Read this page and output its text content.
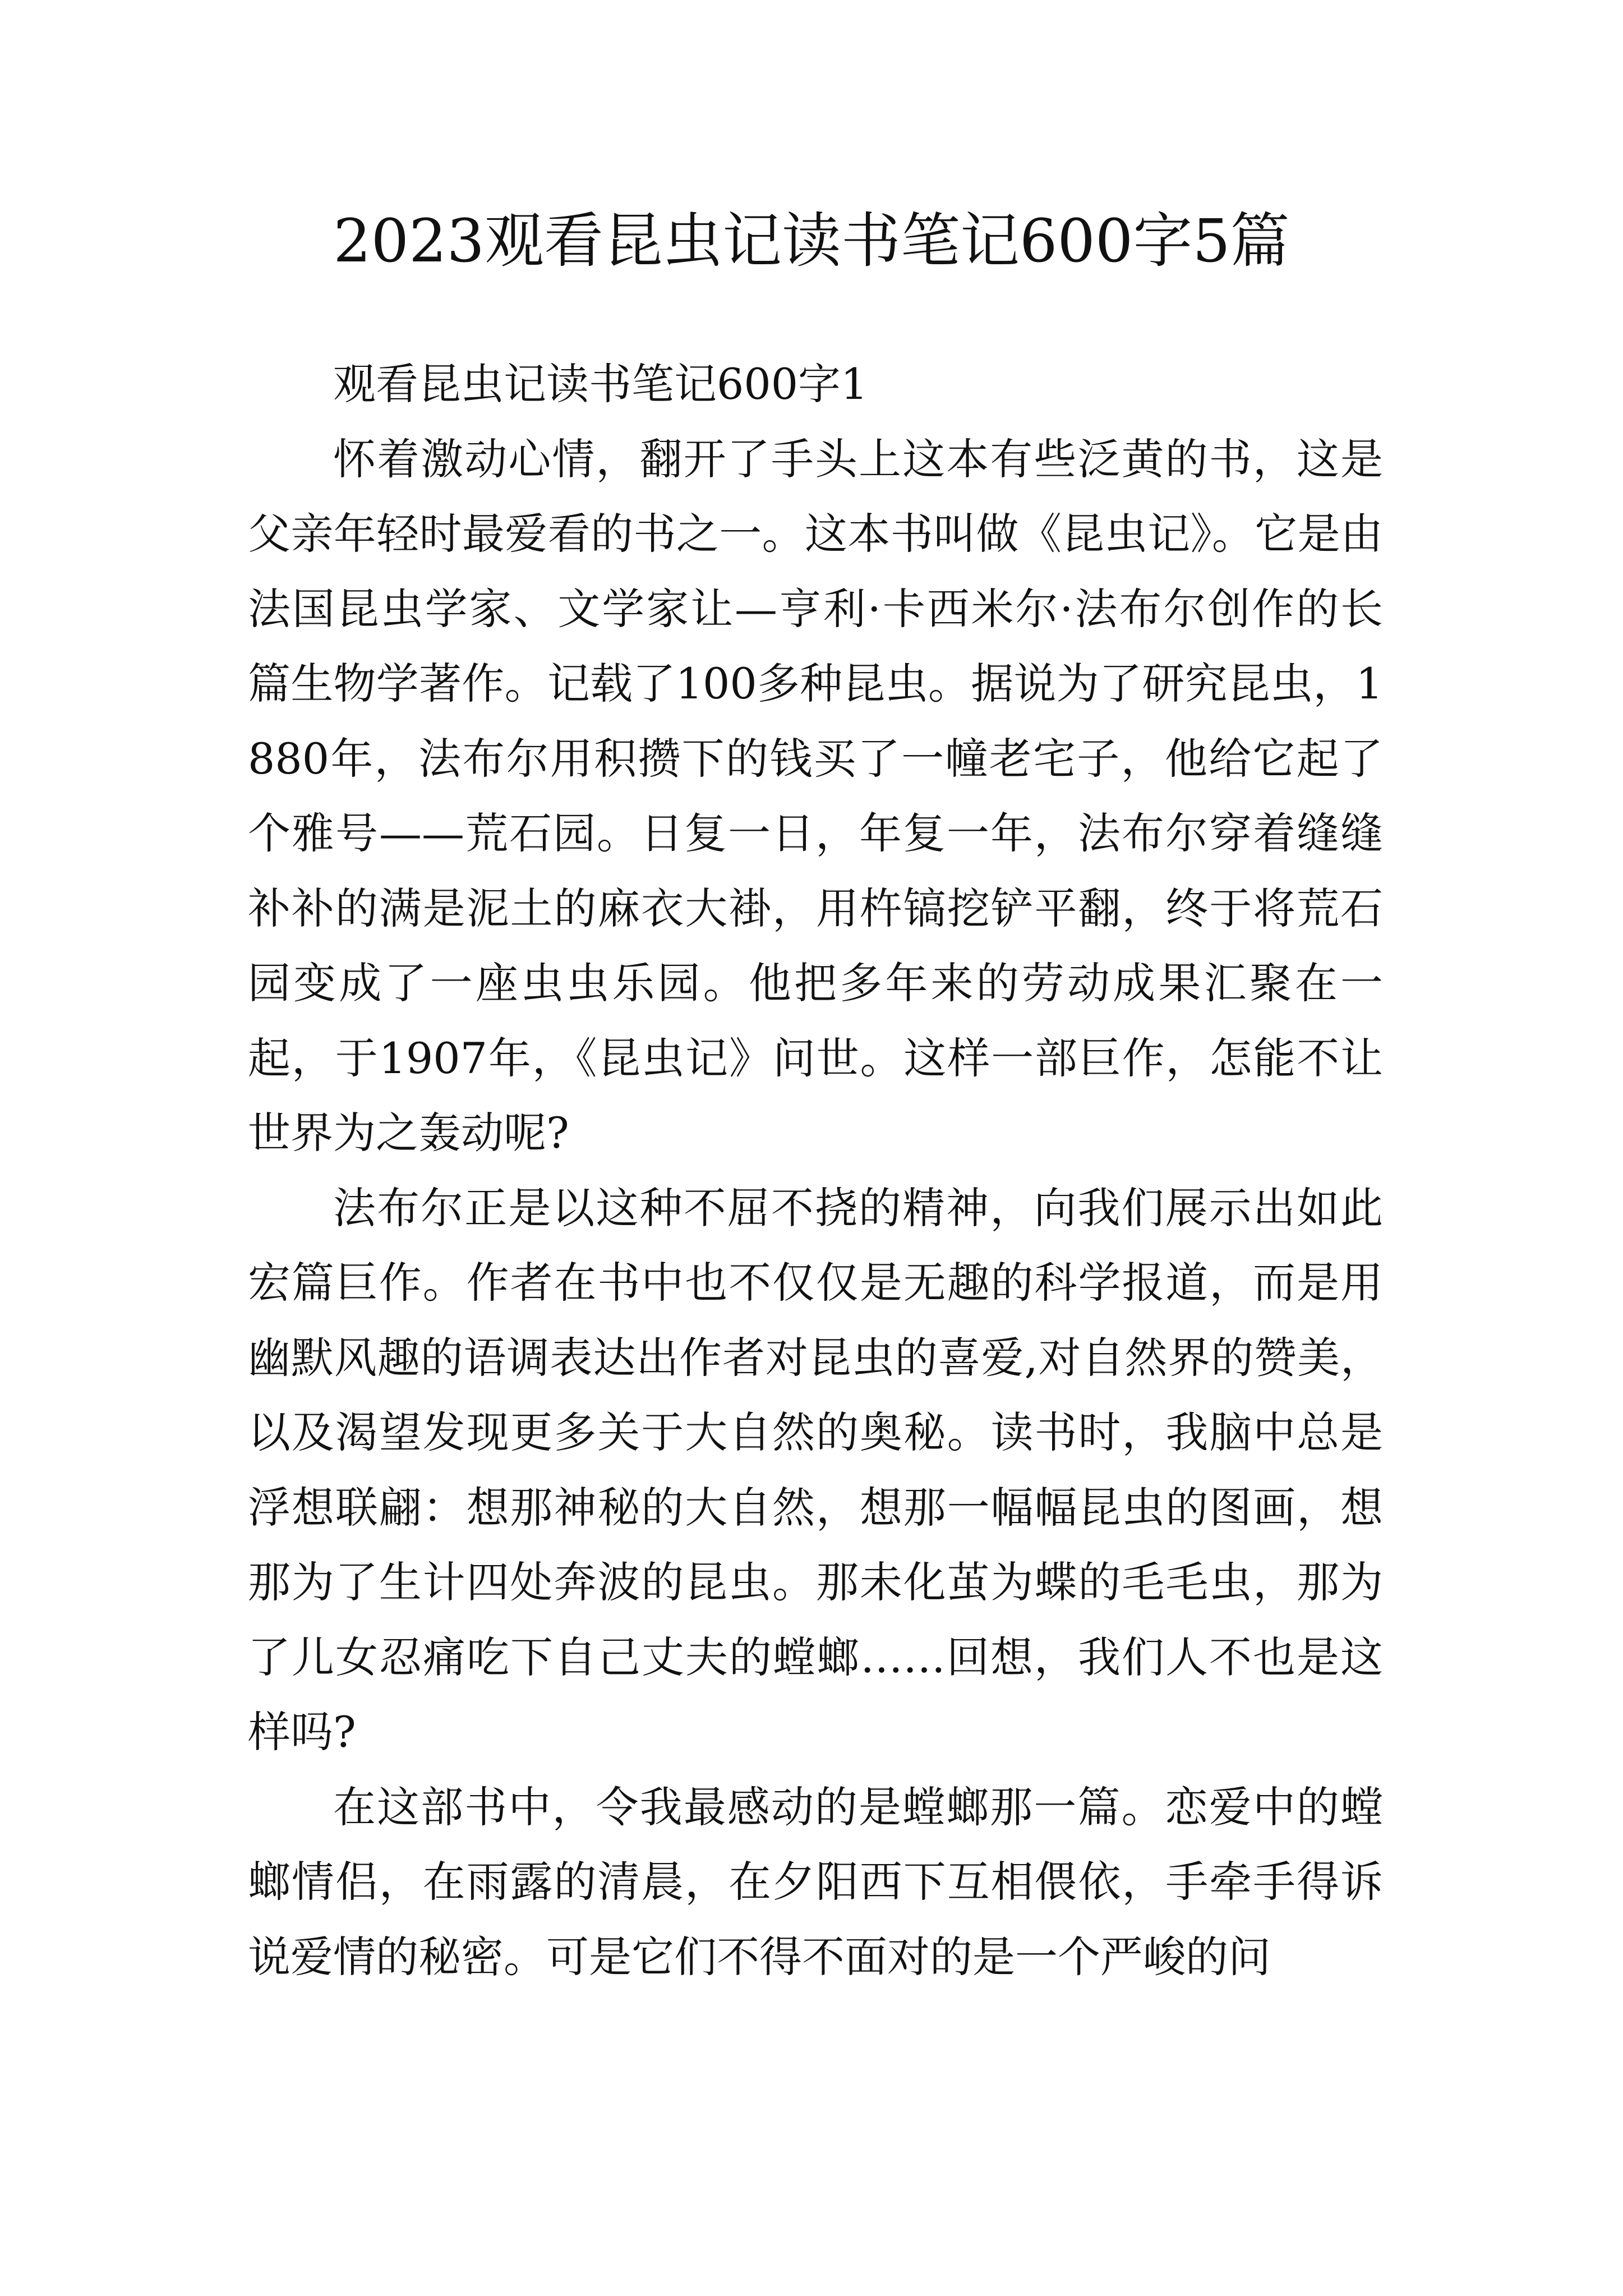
2023观看昆虫记读书笔记600字5篇

观看昆虫记读书笔记600字1

怀着激动心情，翻开了手头上这本有些泛黄的书，这是父亲年轻时最爱看的书之一。这本书叫做《昆虫记》。它是由法国昆虫学家、文学家让—亨利·卡西米尔·法布尔创作的长篇生物学著作。记载了100多种昆虫。据说为了研究昆虫，1880年，法布尔用积攒下的钱买了一幢老宅子，他给它起了个雅号——荒石园。日复一日，年复一年，法布尔穿着缝缝补补的满是泥土的麻衣大褂，用杵镐挖铲平翻，终于将荒石园变成了一座虫虫乐园。他把多年来的劳动成果汇聚在一起，于1907年，《昆虫记》问世。这样一部巨作，怎能不让世界为之轰动呢?

法布尔正是以这种不屈不挠的精神，向我们展示出如此宏篇巨作。作者在书中也不仅仅是无趣的科学报道，而是用幽默风趣的语调表达出作者对昆虫的喜爱,对自然界的赞美，以及渴望发现更多关于大自然的奥秘。读书时，我脑中总是浮想联翩：想那神秘的大自然，想那一幅幅昆虫的图画，想那为了生计四处奔波的昆虫。那未化茧为蝶的毛毛虫，那为了儿女忍痛吃下自己丈夫的螳螂……回想，我们人不也是这样吗?

在这部书中，令我最感动的是螳螂那一篇。恋爱中的螳螂情侣，在雨露的清晨，在夕阳西下互相偎依，手牵手得诉说爱情的秘密。可是它们不得不面对的是一个严峻的问
